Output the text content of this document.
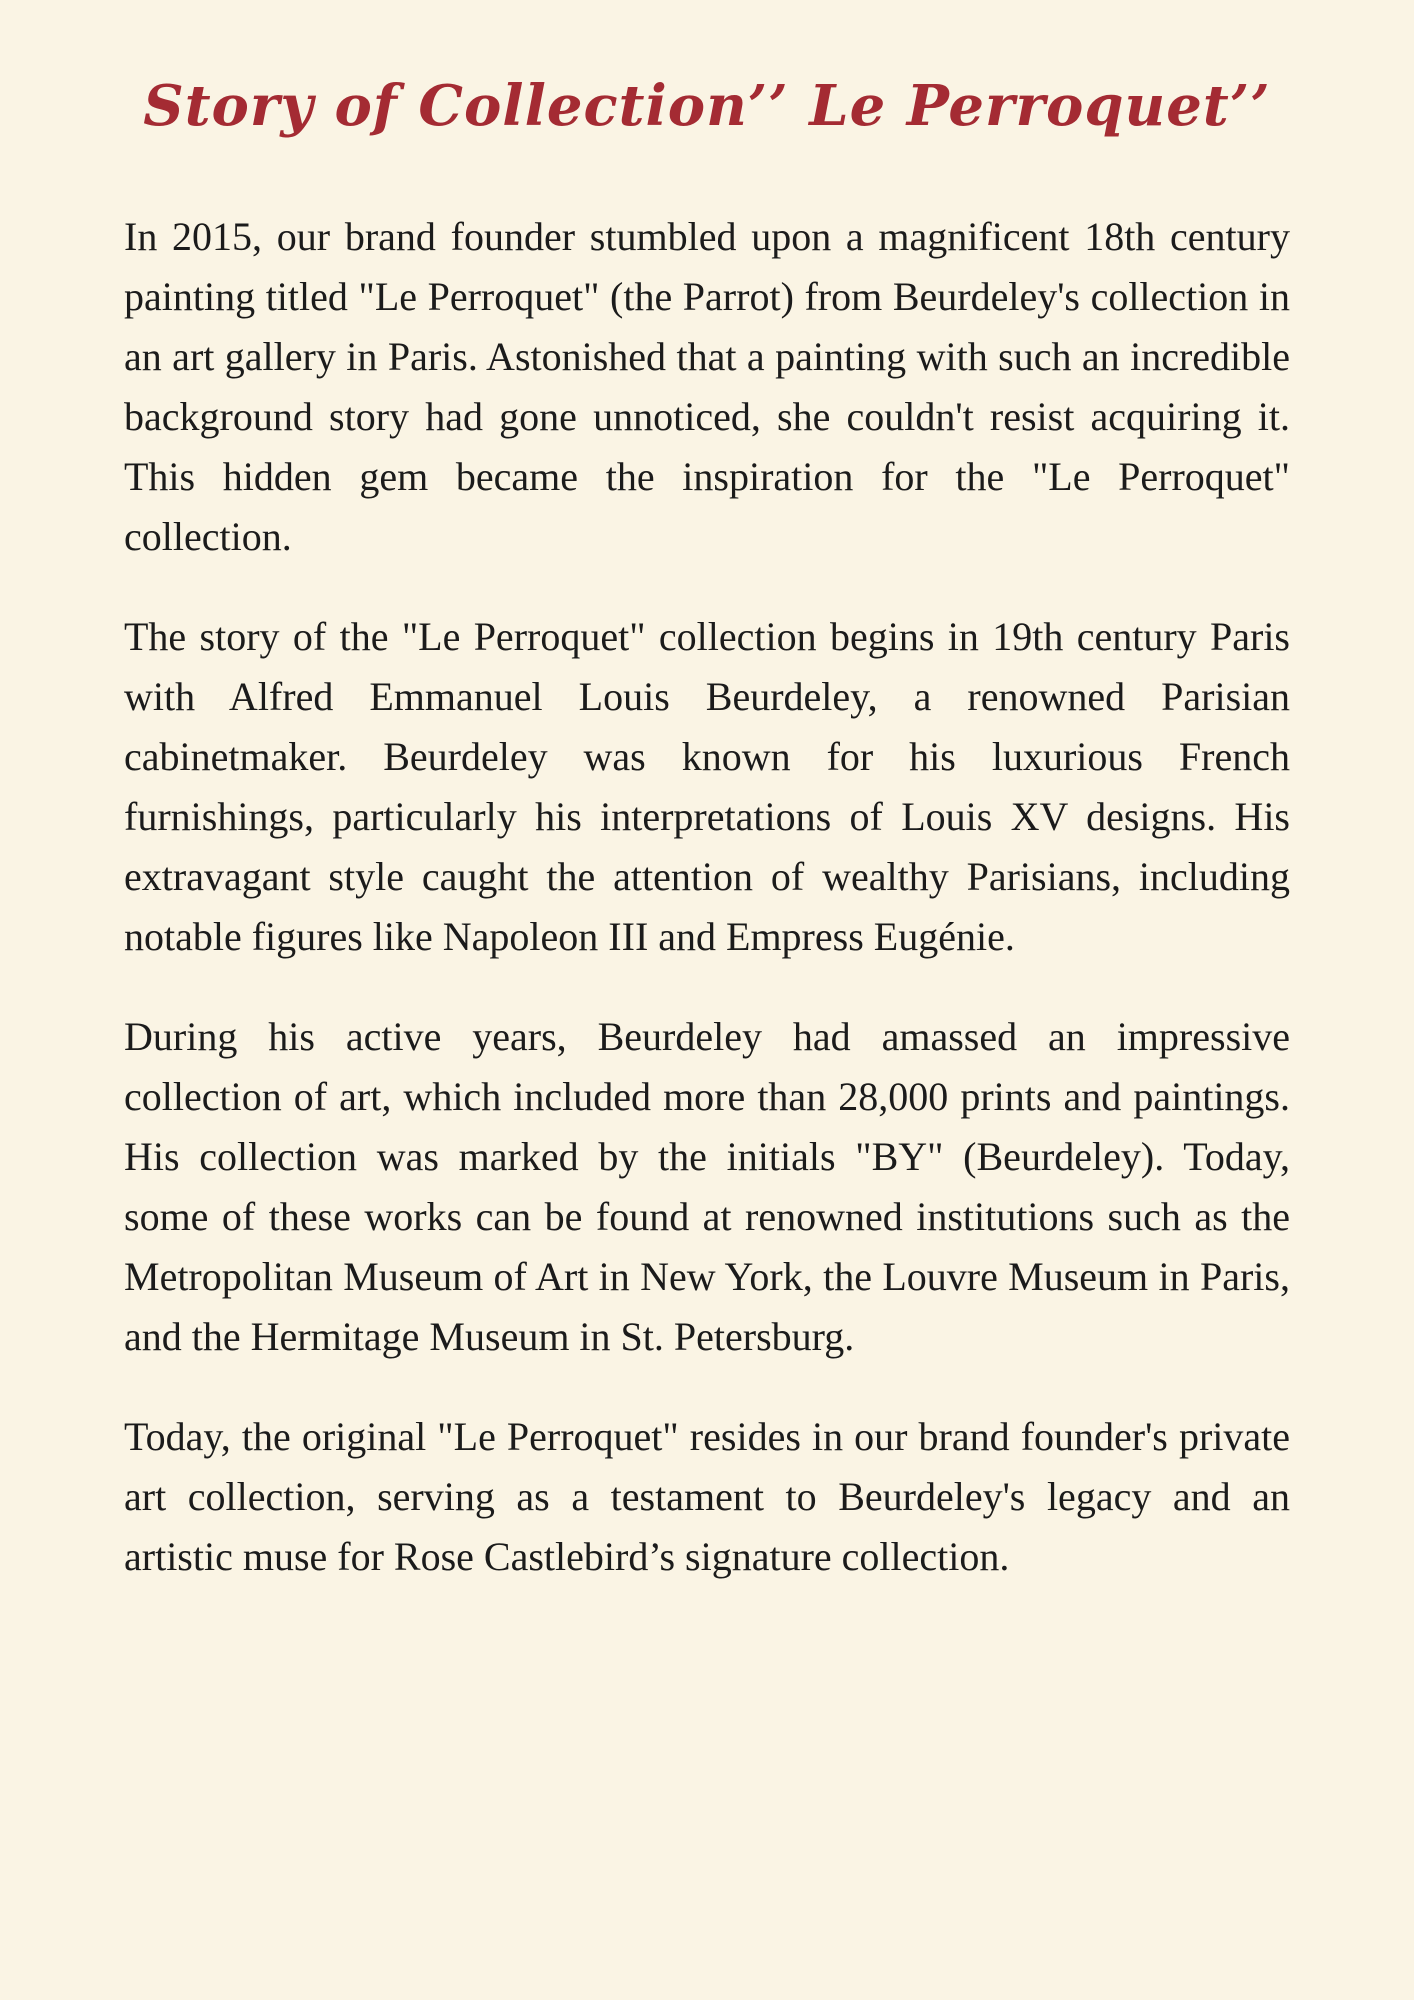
Story of Collection’’ Le Perroquet’’

In 2015, our brand founder stumbled upon a magnificent 18th century painting titled "Le Perroquet" (the Parrot) from Beurdeley's collection in an art gallery in Paris. Astonished that a painting with such an incredible background story had gone unnoticed, she couldn't resist acquiring it. This hidden gem became the inspiration for the "Le Perroquet" collection.

The story of the "Le Perroquet" collection begins in 19th century Paris with Alfred Emmanuel Louis Beurdeley, a renowned Parisian cabinetmaker. Beurdeley was known for his luxurious French furnishings, particularly his interpretations of Louis XV designs. His extravagant style caught the attention of wealthy Parisians, including notable figures like Napoleon III and Empress Eugénie.

During his active years, Beurdeley had amassed an impressive collection of art, which included more than 28,000 prints and paintings. His collection was marked by the initials "BY" (Beurdeley). Today, some of these works can be found at renowned institutions such as the Metropolitan Museum of Art in New York, the Louvre Museum in Paris, and the Hermitage Museum in St. Petersburg.

Today, the original "Le Perroquet" resides in our brand founder's private art collection, serving as a testament to Beurdeley's legacy and an artistic muse for Rose Castlebird’s signature collection.
